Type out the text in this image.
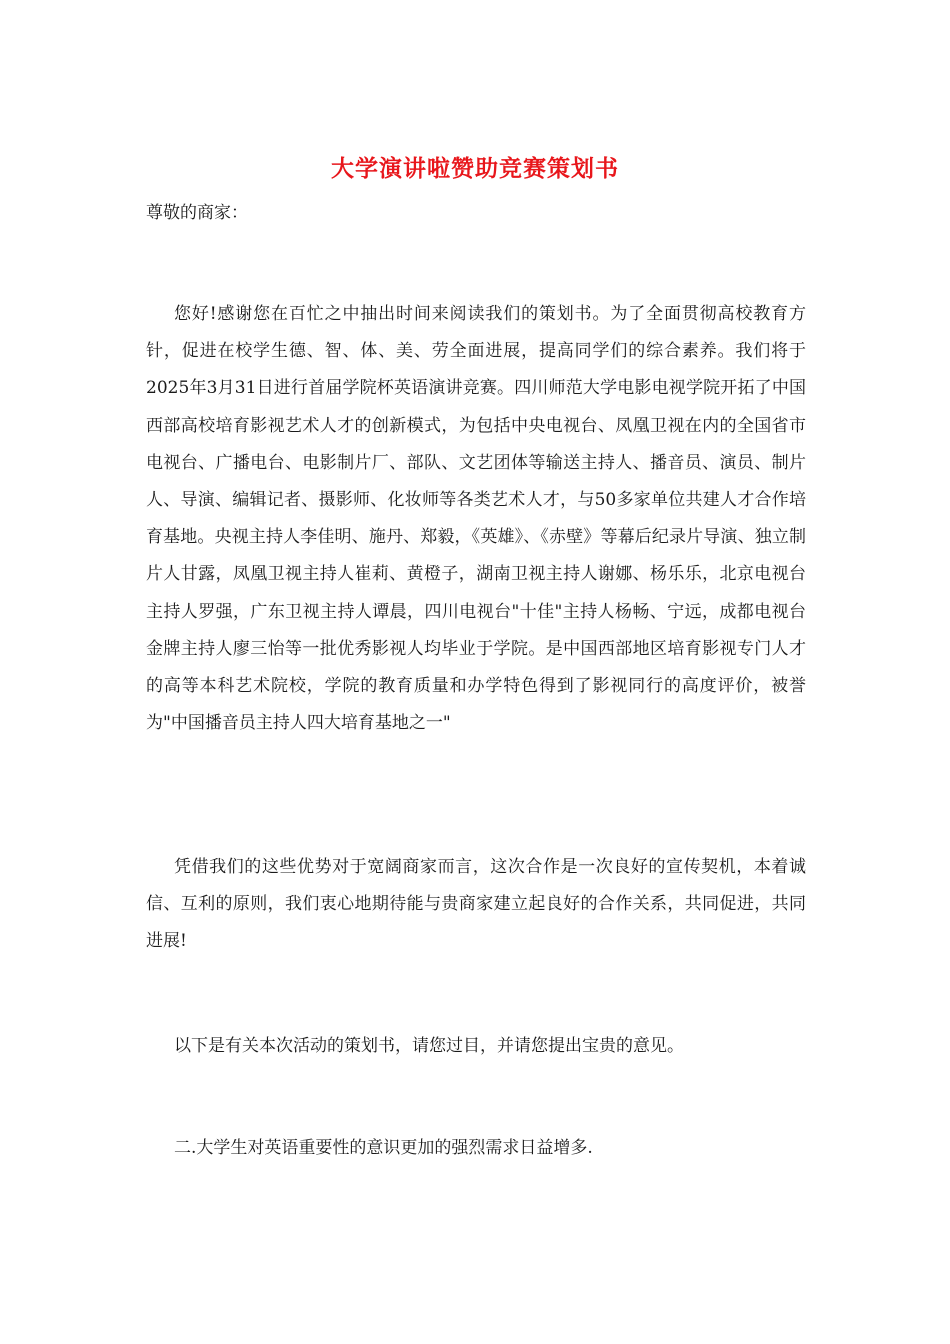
大学演讲啦赞助竞赛策划书
尊敬的商家：

您好!感谢您在百忙之中抽出时间来阅读我们的策划书。为了全面贯彻高校教育方针，促进在校学生德、智、体、美、劳全面进展，提高同学们的综合素养。我们将于2025年3月31日进行首届学院杯英语演讲竞赛。四川师范大学电影电视学院开拓了中国西部高校培育影视艺术人才的创新模式，为包括中央电视台、凤凰卫视在内的全国省市电视台、广播电台、电影制片厂、部队、文艺团体等输送主持人、播音员、演员、制片人、导演、编辑记者、摄影师、化妆师等各类艺术人才，与50多家单位共建人才合作培育基地。央视主持人李佳明、施丹、郑毅，《英雄》、《赤壁》等幕后纪录片导演、独立制片人甘露，凤凰卫视主持人崔莉、黄橙子，湖南卫视主持人谢娜、杨乐乐，北京电视台主持人罗强，广东卫视主持人谭晨，四川电视台"十佳"主持人杨畅、宁远，成都电视台金牌主持人廖三怡等一批优秀影视人均毕业于学院。是中国西部地区培育影视专门人才的高等本科艺术院校，学院的教育质量和办学特色得到了影视同行的高度评价，被誉为"中国播音员主持人四大培育基地之一"

凭借我们的这些优势对于宽阔商家而言，这次合作是一次良好的宣传契机，本着诚信、互利的原则，我们衷心地期待能与贵商家建立起良好的合作关系，共同促进，共同进展!

以下是有关本次活动的策划书，请您过目，并请您提出宝贵的意见。

二.大学生对英语重要性的意识更加的强烈需求日益增多.
